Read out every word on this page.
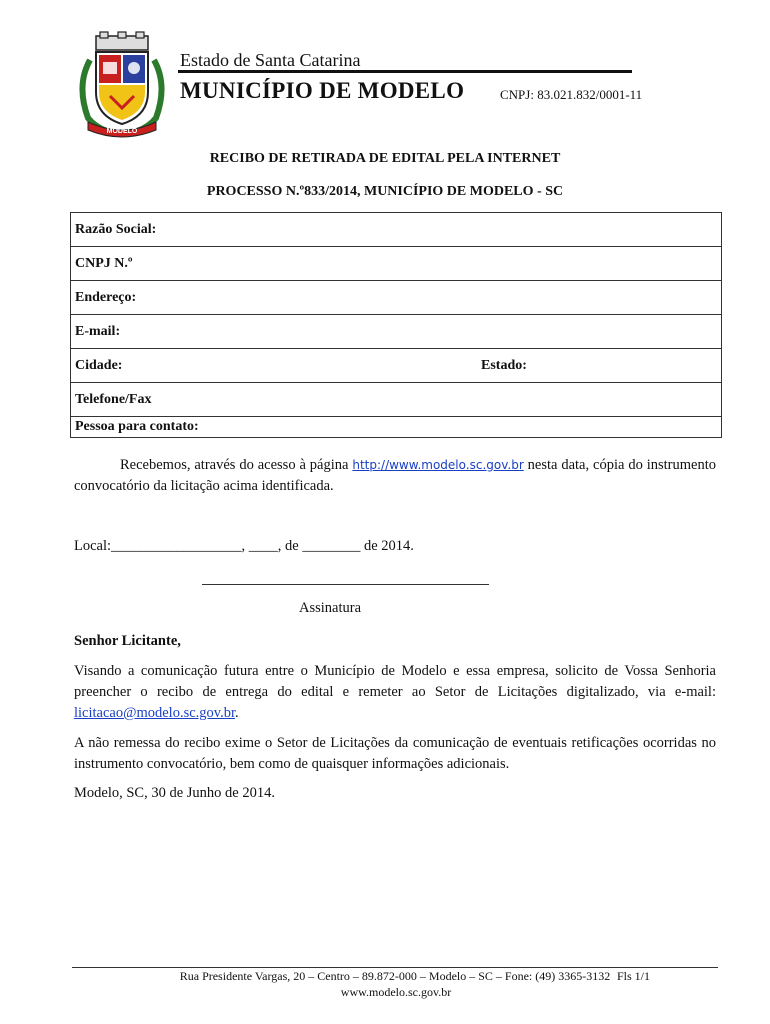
MODELO
Estado de Santa Catarina
MUNICÍPIO DE MODELO	CNPJ: 83.021.832/0001-11
RECIBO DE RETIRADA DE EDITAL PELA INTERNET
PROCESSO N.º833/2014, MUNICÍPIO DE MODELO - SC
Razão Social:
CNPJ N.º
Endereço:
E-mail:
Cidade:	Estado:

Telefone/Fax
Pessoa para contato:
Recebemos, através do acesso à página http://www.modelo.sc.gov.br nesta data, cópia do instrumento convocatório da licitação acima identificada.
Local:__________________, ____, de ________ de 2014.
Assinatura
Senhor Licitante,
Visando a comunicação futura entre o Município de Modelo e essa empresa, solicito de Vossa Senhoria preencher o recibo de entrega do edital e remeter ao Setor de Licitações digitalizado, via e-mail: licitacao@modelo.sc.gov.br.
A não remessa do recibo exime o Setor de Licitações da comunicação de eventuais retificações ocorridas no instrumento convocatório, bem como de quaisquer informações adicionais.
Modelo, SC, 30 de Junho de 2014.
Rua Presidente Vargas, 20 – Centro – 89.872-000 – Modelo – SC – Fone: (49) 3365-3132 Fls 1/1
www.modelo.sc.gov.br
